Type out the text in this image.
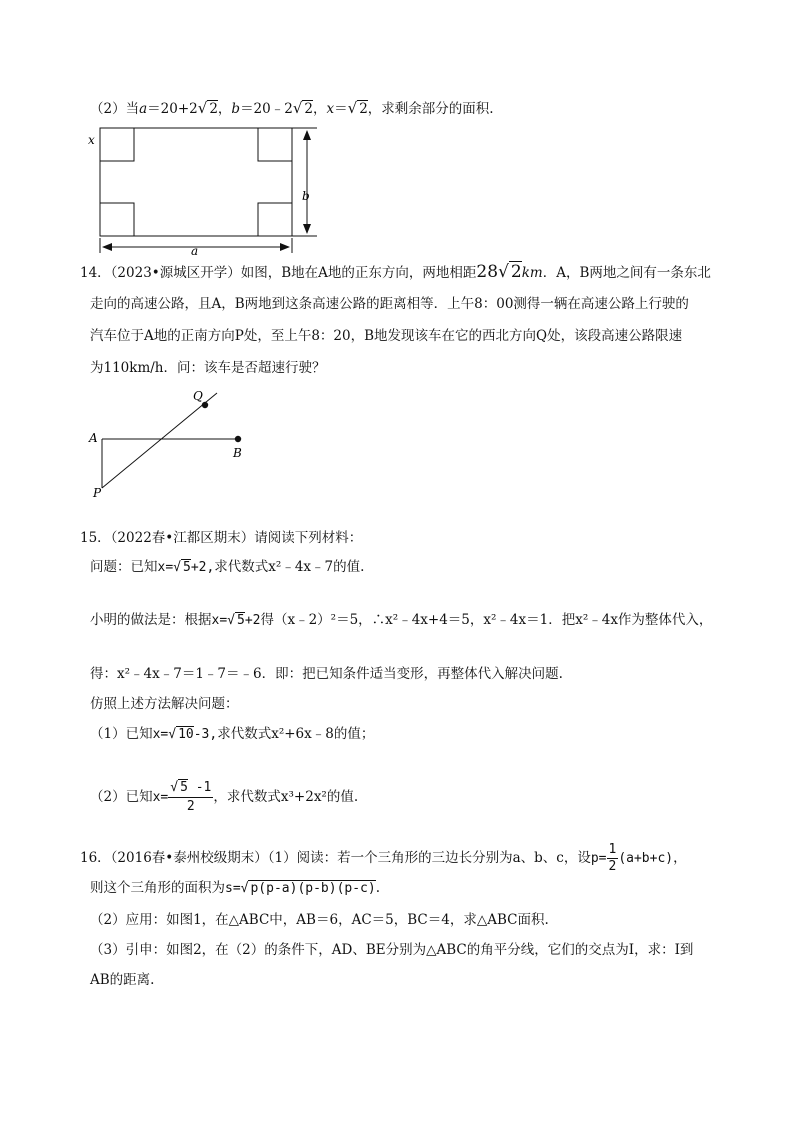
（2）当a＝20+2√ 2，b＝20﹣2√ 2，x＝√ 2，求剩余部分的面积.
x
b
a
14．（2023•源城区开学）如图，B地在A地的正东方向，两地相距28√ 2km．A，B两地之间有一条东北
走向的高速公路，且A，B两地到这条高速公路的距离相等．上午8：00测得一辆在高速公路上行驶的
汽车位于A地的正南方向P处，至上午8：20，B地发现该车在它的西北方向Q处，该段高速公路限速
为110km/h．问：该车是否超速行驶？
A
B
P
Q
15．（2022春•江都区期末）请阅读下列材料：
问题：已知x=√ 5+2,求代数式x²﹣4x﹣7的值.
小明的做法是：根据x=√ 5+2得（x﹣2）²＝5，∴x²﹣4x+4＝5，x²﹣4x＝1．把x²﹣4x作为整体代入，
得：x²﹣4x﹣7＝1﹣7＝﹣6．即：把已知条件适当变形，再整体代入解决问题.
仿照上述方法解决问题：
（1）已知x=√ 10-3,求代数式x²+6x﹣8的值；
（2）已知$x= \frac{√ 5 -1}{2}$ ，求代数式x³+2x²的值.
16．（2016春•泰州校级期末）（1）阅读：若一个三角形的三边长分别为a、b、c，设$p= \frac{1}{2} (a+b+c)$，
则这个三角形的面积为s=√ p(p-a)(p-b)(p-c).
（2）应用：如图1，在△ABC中，AB＝6，AC＝5，BC＝4，求△ABC面积.
（3）引申：如图2，在（2）的条件下，AD、BE分别为△ABC的角平分线，它们的交点为I，求：I到
AB的距离.
